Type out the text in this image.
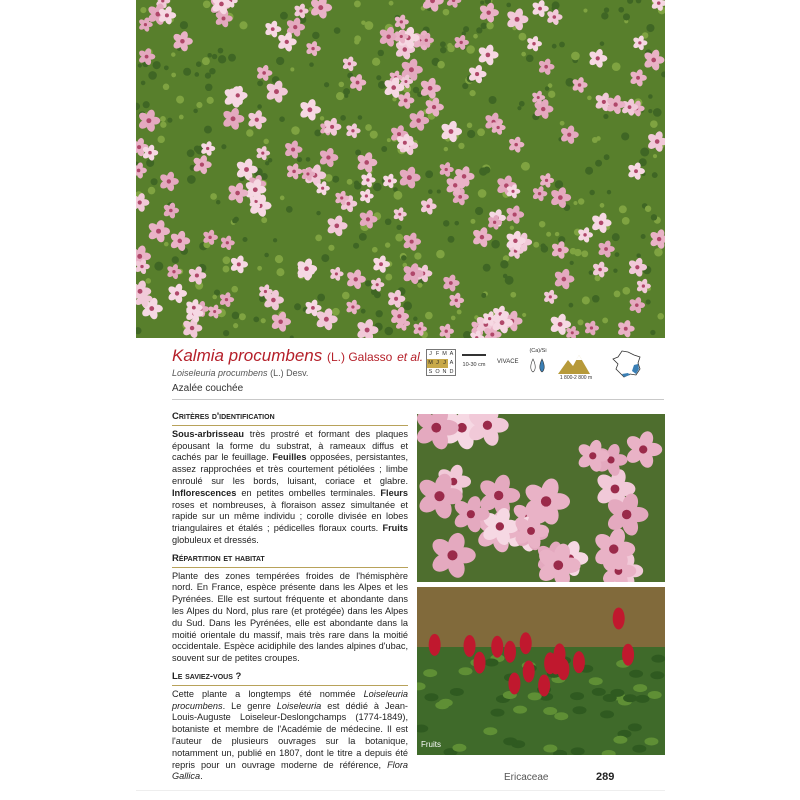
Kalmia procumbens (L.) Galasso et al.
Loiseleuria procumbens (L.) Desv.
Azalée couchée
J F M A
M J J A
S O N D
10-30 cm	VIVACE
(Ca)/Si
1 800-2 800 m
Critères d'identification

Sous-arbrisseau très prostré et formant des plaques épousant la forme du substrat, à rameaux diffus et cachés par le feuillage. Feuilles opposées, persistantes, assez rapprochées et très courtement pétiolées ; limbe enroulé sur les bords, luisant, coriace et glabre. Inflorescences en petites ombelles terminales. Fleurs roses et nombreuses, à floraison assez simultanée et rapide sur un même individu ; corolle divisée en lobes triangulaires et étalés ; pédicelles floraux courts. Fruits globuleux et dressés.

Répartition et habitat

Plante des zones tempérées froides de l'hémisphère nord. En France, espèce présente dans les Alpes et les Pyrénées. Elle est surtout fréquente et abondante dans les Alpes du Nord, plus rare (et protégée) dans les Alpes du Sud. Dans les Pyrénées, elle est abondante dans la moitié orientale du massif, mais très rare dans la moitié occidentale. Espèce acidiphile des landes alpines d'ubac, souvent sur de petites croupes.

Le saviez-vous ?

Cette plante a longtemps été nommée Loiseleuria procumbens. Le genre Loiseleuria est dédié à Jean-Louis-Auguste Loiseleur-Deslongchamps (1774-1849), botaniste et membre de l'Académie de médecine. Il est l'auteur de plusieurs ouvrages sur la botanique, notamment un, publié en 1807, dont le titre a depuis été repris pour un ouvrage moderne de référence, Flora Gallica.

Fruits
Ericaceae	289
